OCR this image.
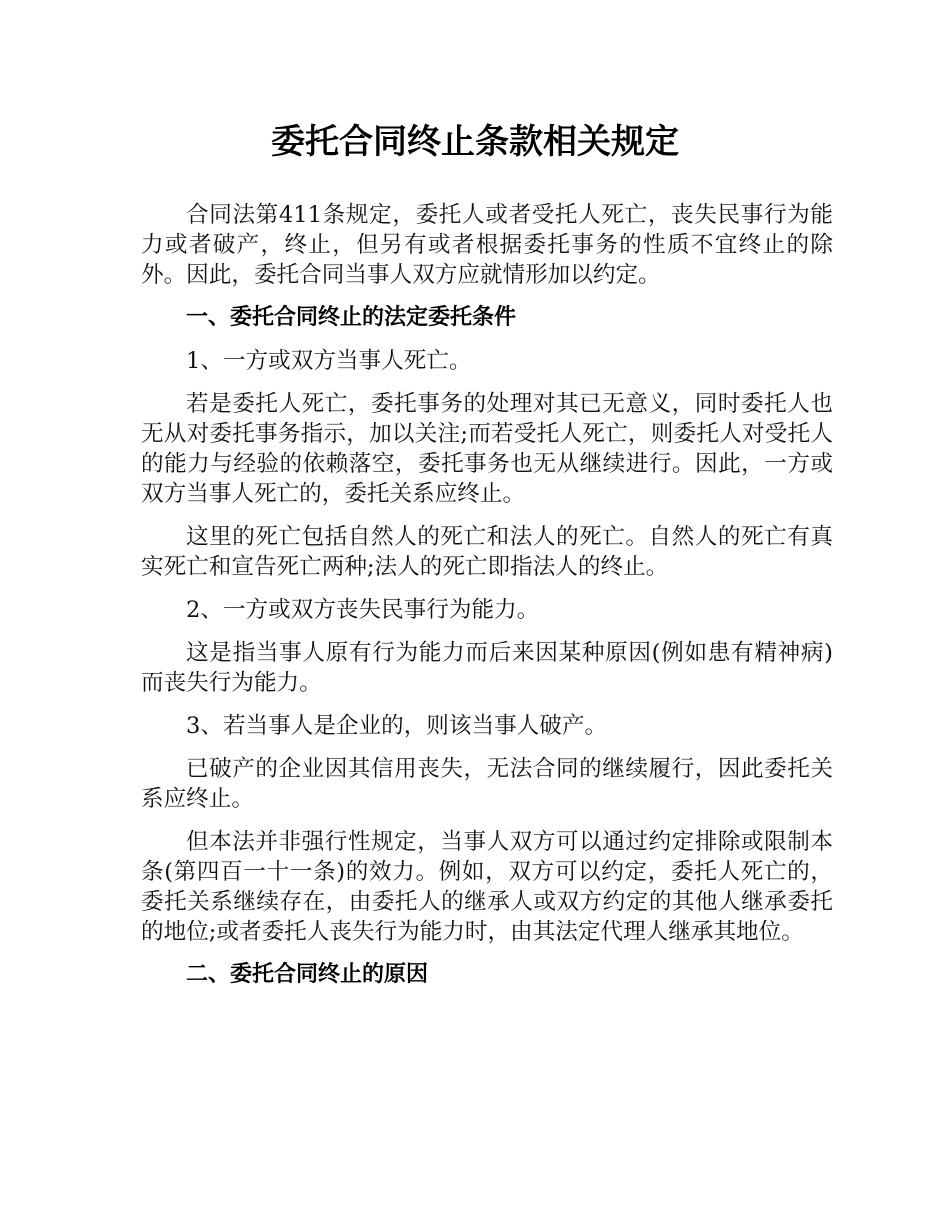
委托合同终止条款相关规定

合同法第411条规定，委托人或者受托人死亡，丧失民事行为能力或者破产，终止，但另有或者根据委托事务的性质不宜终止的除外。因此，委托合同当事人双方应就情形加以约定。

一、委托合同终止的法定委托条件

1、一方或双方当事人死亡。

若是委托人死亡，委托事务的处理对其已无意义，同时委托人也无从对委托事务指示，加以关注;而若受托人死亡，则委托人对受托人的能力与经验的依赖落空，委托事务也无从继续进行。因此，一方或双方当事人死亡的，委托关系应终止。

这里的死亡包括自然人的死亡和法人的死亡。自然人的死亡有真实死亡和宣告死亡两种;法人的死亡即指法人的终止。

2、一方或双方丧失民事行为能力。

这是指当事人原有行为能力而后来因某种原因(例如患有精神病)而丧失行为能力。

3、若当事人是企业的，则该当事人破产。

已破产的企业因其信用丧失，无法合同的继续履行，因此委托关系应终止。

但本法并非强行性规定，当事人双方可以通过约定排除或限制本条(第四百一十一条)的效力。例如，双方可以约定，委托人死亡的，委托关系继续存在，由委托人的继承人或双方约定的其他人继承委托的地位;或者委托人丧失行为能力时，由其法定代理人继承其地位。

二、委托合同终止的原因
